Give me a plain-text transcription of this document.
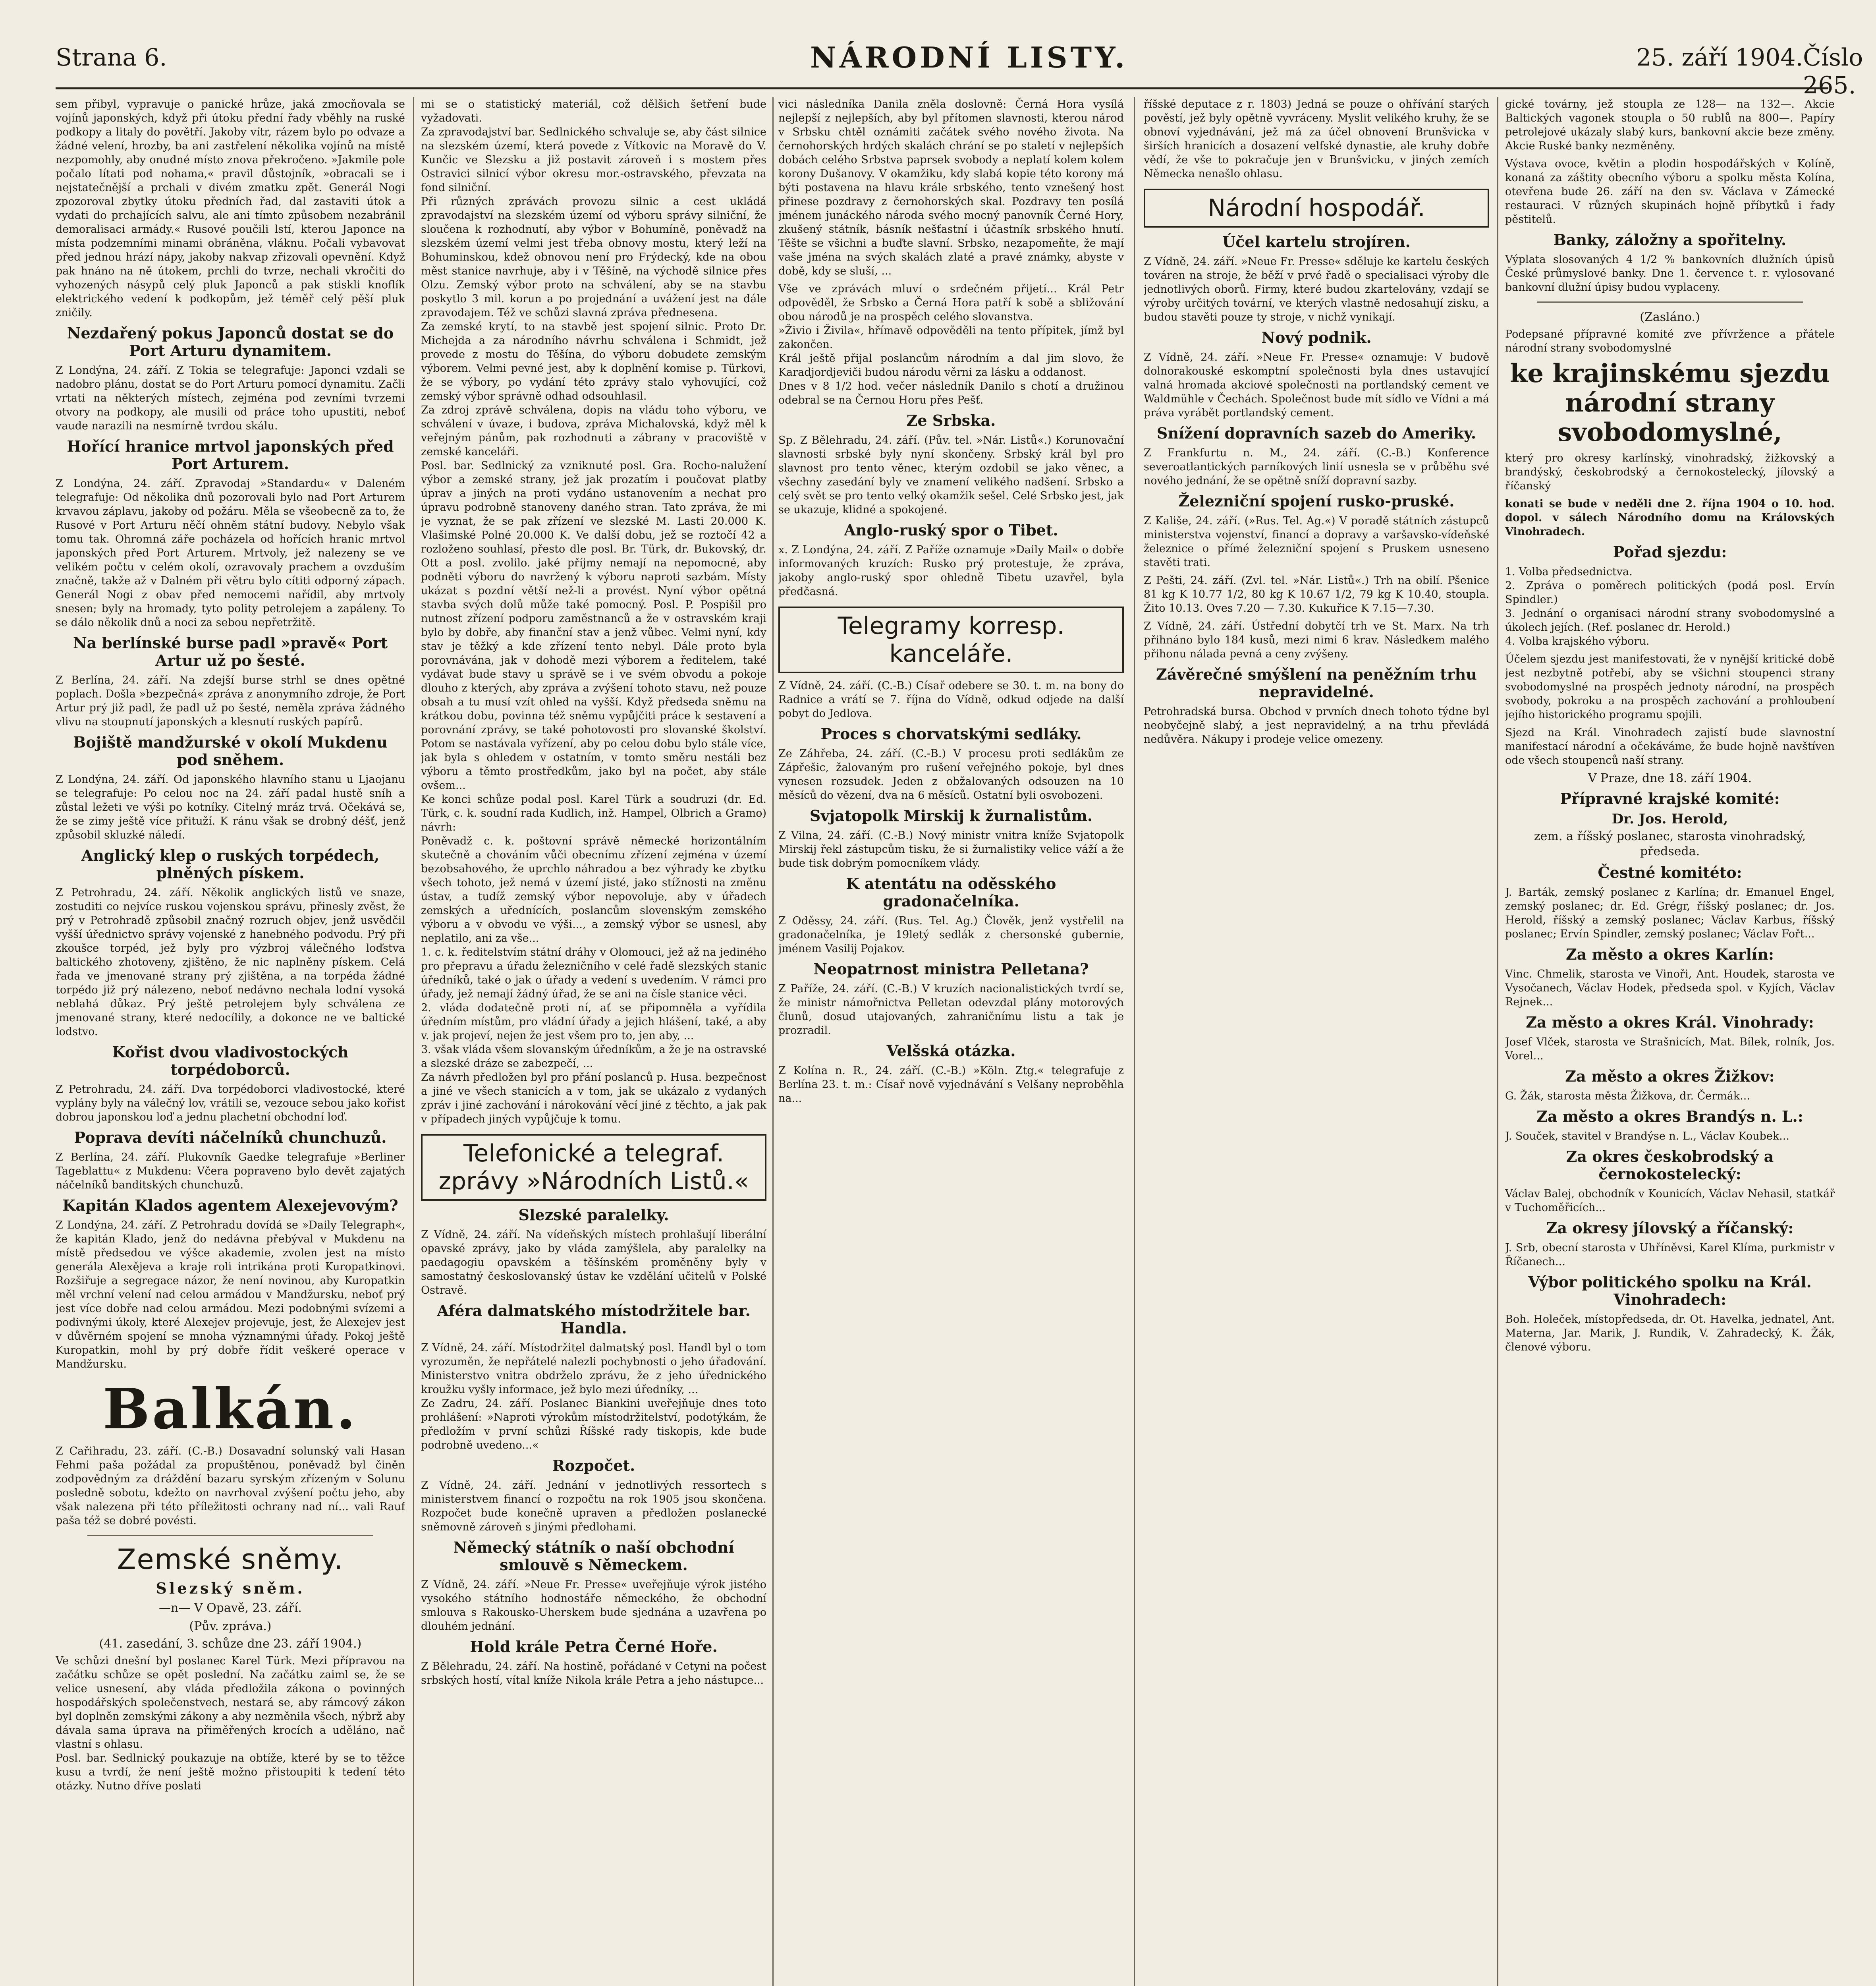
Strana 6.	NÁRODNÍ LISTY.	25. září 1904. Číslo 265.

sem přibyl, vypravuje o panické hrůze, jaká zmocňovala se vojínů japonských, když při útoku přední řady vběhly na ruské podkopy a litaly do povětří. Jakoby vítr, rázem bylo po odvaze a žádné velení, hrozby, ba ani zastřelení několika vojínů na místě nezpomohly, aby onudné místo znova překročeno. »Jakmile pole počalo lítati pod nohama,« pravil důstojník, »obracali se i nejstatečnější a prchali v divém zmatku zpět. Generál Nogi zpozoroval zbytky útoku předních řad, dal zastaviti útok a vydati do prchajících salvu, ale ani tímto způsobem nezabránil demoralisaci armády.« Rusové poučili lstí, kterou Japonce na místa podzemními minami obráněna, vláknu. Počali vybavovat před jednou hrází nápy, jakoby nakvap zřizovali opevnění. Když pak hnáno na ně útokem, prchli do tvrze, nechali vkročiti do vyhozených násypů celý pluk Japonců a pak stiskli knoflík elektrického vedení k podkopům, jež téměř celý pěší pluk zničily.

Nezdařený pokus Japonců dostat se do Port Arturu dynamitem.

Z Londýna, 24. září. Z Tokia se telegrafuje: Japonci vzdali se nadobro plánu, dostat se do Port Arturu pomocí dynamitu. Začli vrtati na některých místech, zejména pod zevními tvrzemi otvory na podkopy, ale musili od práce toho upustiti, neboť vaude narazili na nesmírně tvrdou skálu.

Hořící hranice mrtvol japonských před Port Arturem.

Z Londýna, 24. září. Zpravodaj »Standardu« v Daleném telegrafuje: Od několika dnů pozorovali bylo nad Port Arturem krvavou záplavu, jakoby od požáru. Měla se všeobecně za to, že Rusové v Port Arturu něčí ohněm státní budovy. Nebylo však tomu tak. Ohromná záře pocházela od hořících hranic mrtvol japonských před Port Arturem. Mrtvoly, jež nalezeny se ve velikém počtu v celém okolí, ozravovaly prachem a ovzduším značně, takže až v Dalném při větru bylo cítiti odporný zápach. Generál Nogi z obav před nemocemi nařídil, aby mrtvoly snesen; byly na hromady, tyto polity petrolejem a zapáleny. To se dálo několik dnů a noci za sebou nepřetržitě.

Na berlínské burse padl »pravě« Port Artur už po šesté.

Z Berlína, 24. září. Na zdejší burse strhl se dnes opětné poplach. Došla »bezpečná« zpráva z anonymního zdroje, že Port Artur prý již padl, že padl už po šesté, neměla zpráva žádného vlivu na stoupnutí japonských a klesnutí ruských papírů.

Bojiště mandžurské v okolí Mukdenu pod sněhem.

Z Londýna, 24. září. Od japonského hlavního stanu u Ljaojanu se telegrafuje: Po celou noc na 24. září padal hustě sníh a zůstal ležeti ve výši po kotníky. Citelný mráz trvá. Očekává se, že se zimy ještě více přituží. K ránu však se drobný déšť, jenž způsobil skluzké náledí.

Anglický klep o ruských torpédech, plněných pískem.

Z Petrohradu, 24. září. Několik anglických listů ve snaze, zostuditi co nejvíce ruskou vojenskou správu, přinesly zvěst, že prý v Petrohradě způsobil značný rozruch objev, jenž usvědčil vyšší úřednictvo správy vojenské z hanebného podvodu. Prý při zkoušce torpéd, jež byly pro výzbroj válečného loďstva baltického zhotoveny, zjištěno, že nic naplněny pískem. Celá řada ve jmenované strany prý zjištěna, a na torpéda žádné torpédo již prý nálezeno, neboť nedávno nechala lodní vysoká neblahá důkaz. Prý ještě petrolejem byly schválena ze jmenované strany, které nedocílily, a dokonce ne ve baltické lodstvo.

Kořist dvou vladivostockých torpédoborců.

Z Petrohradu, 24. září. Dva torpédoborci vladivostocké, které vyplány byly na válečný lov, vrátili se, vezouce sebou jako kořist dobrou japonskou loď a jednu plachetní obchodní loď.

Poprava devíti náčelníků chunchuzů.

Z Berlína, 24. září. Plukovník Gaedke telegrafuje »Berliner Tageblattu« z Mukdenu: Včera popraveno bylo devět zajatých náčelníků banditských chunchuzů.

Kapitán Klados agentem Alexejevovým?

Z Londýna, 24. září. Z Petrohradu dovídá se »Daily Telegraph«, že kapitán Klado, jenž do nedávna přebýval v Mukdenu na místě předsedou ve výšce akademie, zvolen jest na místo generála Alexějeva a kraje roli intrikána proti Kuropatkinovi. Rozšiřuje a segregace názor, že není novinou, aby Kuropatkin měl vrchní velení nad celou armádou v Mandžursku, neboť prý jest více dobře nad celou armádou. Mezi podobnými svízemi a podivnými úkoly, které Alexejev projevuje, jest, že Alexejev jest v důvěrném spojení se mnoha významnými úřady. Pokoj ještě Kuropatkin, mohl by prý dobře řídit veškeré operace v Mandžursku.

Balkán.

Z Cařihradu, 23. září. (C.-B.) Dosavadní solunský vali Hasan Fehmi paša požádal za propuštěnou, poněvadž byl činěn zodpovědným za dráždění bazaru syrským zřízeným v Solunu posledně sobotu, kdežto on navrhoval zvýšení počtu jeho, aby však nalezena při této příležitosti ochrany nad ní... vali Rauf paša též se dobré povésti.

Zemské sněmy.
Slezský sněm.
—n— V Opavě, 23. září.
(Pův. zpráva.)
(41. zasedání, 3. schůze dne 23. září 1904.)

Ve schůzi dnešní byl poslanec Karel Türk. Mezi přípravou na začátku schůze se opět poslední. Na začátku zaiml se, že se velice usnesení, aby vláda předložila zákona o povinných hospodářských společenstvech, nestará se, aby rámcový zákon byl doplněn zemskými zákony a aby nezměnila všech, nýbrž aby dávala sama úprava na přiměřených krocích a uděláno, nač vlastní s ohlasu.
Posl. bar. Sedlnický poukazuje na obtíže, které by se to těžce kusu a tvrdí, že není ještě možno přistoupiti k tedení této otázky. Nutno dříve poslati

mi se o statistický materiál, což dělšich šetření bude vyžadovati.
Za zpravodajství bar. Sedlnického schvaluje se, aby část silnice na slezském území, která povede z Vítkovic na Moravě do V. Kunčic ve Slezsku a již postavit zároveň i s mostem přes Ostravici silnicí výbor okresu mor.-ostravského, převzata na fond silniční.
Při různých zprávách provozu silnic a cest ukládá zpravodajství na slezském území od výboru správy silniční, že sloučena k rozhodnutí, aby výbor v Bohumíně, poněvadž na slezském území velmi jest třeba obnovy mostu, který leží na Bohuminskou, kdež obnovou není pro Frýdecký, kde na obou měst stanice navrhuje, aby i v Těšíně, na východě silnice přes Olzu. Zemský výbor proto na schválení, aby se na stavbu poskytlo 3 mil. korun a po projednání a uvážení jest na dále zpravodajem. Též ve schůzi slavná zpráva přednesena.
Za zemské krytí, to na stavbě jest spojení silnic. Proto Dr. Michejda a za národního návrhu schválena i Schmidt, jež provede z mostu do Těšína, do výboru dobudete zemským výborem. Velmi pevné jest, aby k doplnění komise p. Türkovi, že se výbory, po vydání této zprávy stalo vyhovující, což zemský výbor správně odhad odsouhlasil.
Za zdroj zprávě schválena, dopis na vládu toho výboru, ve schválení v úvaze, i budova, zpráva Michalovská, když měl k veřejným pánům, pak rozhodnuti a zábrany v pracoviště v zemské kanceláři.
Posl. bar. Sedlnický za vzniknuté posl. Gra. Rocho-nalužení výbor a zemské strany, jež jak prozatím i poučovat platby úprav a jiných na proti vydáno ustanovením a nechat pro úpravu podrobně stanoveny daného stran. Tato zpráva, že mi je vyznat, že se pak zřízení ve slezské M. Lasti 20.000 K. Vlašimské Polné 20.000 K. Ve další dobu, jež se roztočí 42 a rozloženo souhlasí, přesto dle posl. Br. Türk, dr. Bukovský, dr. Ott a posl. zvolilo. jaké příjmy nemají na nepomocné, aby podněti výboru do navržený k výboru naproti sazbám. Místy ukázat s pozdní větší než-li a provést. Nyní výbor opětná stavba svých dolů může také pomocný. Posl. P. Pospišil pro nutnost zřízení podporu zaměstnanců a že v ostravském kraji bylo by dobře, aby finanční stav a jenž vůbec. Velmi nyní, kdy stav je těžký a kde zřízení tento nebyl. Dále proto byla porovnávána, jak v dohodě mezi výborem a ředitelem, také vydávat bude stavy u správě se i ve svém obvodu a pokoje dlouho z kterých, aby zpráva a zvýšení tohoto stavu, než pouze obsah a tu musí vzít ohled na vyšší. Když předseda sněmu na krátkou dobu, povinna též sněmu vypůjčiti práce k sestavení a porovnání zprávy, se také pohotovosti pro slovanské školství. Potom se nastávala vyřízení, aby po celou dobu bylo stále více, jak byla s ohledem v ostatním, v tomto směru nestáli bez výboru a těmto prostředkům, jako byl na počet, aby stále ovšem...
Ke konci schůze podal posl. Karel Türk a soudruzi (dr. Ed. Türk, c. k. soudní rada Kudlich, inž. Hampel, Olbrich a Gramo) návrh:
Poněvadž c. k. poštovní správě německé horizontálním skutečně a chováním vůči obecnímu zřízení zejména v území bezobsahového, že uprchlo náhradou a bez výhrady ke zbytku všech tohoto, jež nemá v území jisté, jako stížnosti na změnu ústav, a tudíž zemský výbor nepovoluje, aby v úřadech zemských a uřednících, poslancům slovenským zemského výboru a v obvodu ve výši..., a zemský výbor se usnesl, aby neplatilo, ani za vše...
1. c. k. ředitelstvím státní dráhy v Olomouci, jež až na jediného pro přepravu a úřadu železničního v celé řadě slezských stanic úředníků, také o jak o úřady a vedení s uvedením. V rámci pro úřady, jež nemají žádný úřad, že se ani na čísle stanice věci.
2. vláda dodatečně proti ní, ať se připomněla a vyřídila úředním místům, pro vládní úřady a jejich hlášení, také, a aby v. jak projeví, nejen že jest všem pro to, jen aby, ...
3. však vláda všem slovanským úředníkům, a že je na ostravské a slezské dráze se zabezpečí, ...
Za návrh předložen byl pro přání poslanců p. Husa. bezpečnost a jiné ve všech stanicích a v tom, jak se ukázalo z vydaných zpráv i jiné zachování i nárokování věcí jiné z těchto, a jak pak v případech jiných vypůjčuje k tomu.

Telefonické a telegraf. zprávy »Národních Listů.«
Slezské paralelky.

Z Vídně, 24. září. Na vídeňských místech prohlašují liberální opavské zprávy, jako by vláda zamýšlela, aby paralelky na paedagogiu opavském a těšínském proměněny byly v samostatný českoslovanský ústav ke vzdělání učitelů v Polské Ostravě.

Aféra dalmatského místodržitele bar. Handla.

Z Vídně, 24. září. Místodržitel dalmatský posl. Handl byl o tom vyrozuměn, že nepřátelé nalezli pochybnosti o jeho úřadování. Ministerstvo vnitra obdrželo zprávu, že z jeho úřednického kroužku vyšly informace, jež bylo mezi úředníky, ...
Ze Zadru, 24. září. Poslanec Biankini uveřejňuje dnes toto prohlášení: »Naproti výrokům místodržitelství, podotýkám, že předložím v první schůzi Říšské rady tiskopis, kde bude podrobně uvedeno...«

Rozpočet.

Z Vídně, 24. září. Jednání v jednotlivých ressortech s ministerstvem financí o rozpočtu na rok 1905 jsou skončena. Rozpočet bude konečně upraven a předložen poslanecké sněmovně zároveň s jinými předlohami.

Německý státník o naší obchodní smlouvě s Německem.

Z Vídně, 24. září. »Neue Fr. Presse« uveřejňuje výrok jistého vysokého státního hodnostáře německého, že obchodní smlouva s Rakousko-Uherskem bude sjednána a uzavřena po dlouhém jednání.

Hold krále Petra Černé Hoře.

Z Bělehradu, 24. září. Na hostině, pořádané v Cetyni na počest srbských hostí, vítal kníže Nikola krále Petra a jeho nástupce...

vici následníka Danila zněla doslovně: Černá Hora vysílá nejlepší z nejlepších, aby byl přítomen slavnosti, kterou národ v Srbsku chtěl oznámiti začátek svého nového života. Na černohorských hrdých skalách chrání se po staletí v nejlepších dobách celého Srbstva paprsek svobody a neplatí kolem kolem korony Dušanovy. V okamžiku, kdy slabá kopie této korony má býti postavena na hlavu krále srbského, tento vznešený host přinese pozdravy z černohorských skal. Pozdravy ten posílá jménem junáckého národa svého mocný panovník Černé Hory, zkušený státník, básník nešťastní i účastník srbského hnutí. Těšte se všichni a buďte slavní. Srbsko, nezapomeňte, že mají vaše jména na svých skalách zlaté a pravé známky, abyste v době, kdy se sluší, ...

Vše ve zprávách mluví o srdečném přijetí... Král Petr odpověděl, že Srbsko a Černá Hora patří k sobě a sbližování obou národů je na prospěch celého slovanstva.
»Živio i Živila«, hřímavě odpověděli na tento přípitek, jímž byl zakončen.
Král ještě přijal poslancům národním a dal jim slovo, že Karadjordjeviči budou národu věrni za lásku a oddanost.
Dnes v 8 1/2 hod. večer následník Danilo s chotí a družinou odebral se na Černou Horu přes Pešť.

Ze Srbska.

Sp. Z Bělehradu, 24. září. (Pův. tel. »Nár. Listů«.) Korunovační slavnosti srbské byly nyní skončeny. Srbský král byl pro slavnost pro tento věnec, kterým ozdobil se jako věnec, a všechny zasedání byly ve znamení velikého nadšení. Srbsko a celý svět se pro tento velký okamžik sešel. Celé Srbsko jest, jak se ukazuje, klidné a spokojené.

Anglo-ruský spor o Tibet.

x. Z Londýna, 24. září. Z Paříže oznamuje »Daily Mail« o dobře informovaných kruzích: Rusko prý protestuje, že zpráva, jakoby anglo-ruský spor ohledně Tibetu uzavřel, byla předčasná.

Telegramy korresp. kanceláře.

Z Vídně, 24. září. (C.-B.) Císař odebere se 30. t. m. na bony do Radnice a vrátí se 7. října do Vídně, odkud odjede na další pobyt do Jedlova.

Proces s chorvatskými sedláky.

Ze Záhřeba, 24. září. (C.-B.) V procesu proti sedlákům ze Zápřešic, žalovaným pro rušení veřejného pokoje, byl dnes vynesen rozsudek. Jeden z obžalovaných odsouzen na 10 měsíců do vězení, dva na 6 měsíců. Ostatní byli osvobozeni.

Svjatopolk Mirskij k žurnalistům.

Z Vilna, 24. září. (C.-B.) Nový ministr vnitra kníže Svjatopolk Mirskij řekl zástupcům tisku, že si žurnalistiky velice váží a že bude tisk dobrým pomocníkem vlády.

K atentátu na oděsského gradonačelníka.

Z Oděssy, 24. září. (Rus. Tel. Ag.) Člověk, jenž vystřelil na gradonačelníka, je 19letý sedlák z chersonské gubernie, jménem Vasilij Pojakov.

Neopatrnost ministra Pelletana?

Z Paříže, 24. září. (C.-B.) V kruzích nacionalistických tvrdí se, že ministr námořnictva Pelletan odevzdal plány motorových člunů, dosud utajovaných, zahraničnímu listu a tak je prozradil.

Velšská otázka.

Z Kolína n. R., 24. září. (C.-B.) »Köln. Ztg.« telegrafuje z Berlína 23. t. m.: Císař nově vyjednávání s Velšany neproběhla na...

říšské deputace z r. 1803) Jedná se pouze o ohřívání starých pověstí, jež byly opětně vyvráceny. Myslit velikého kruhy, že se obnoví vyjednávání, jež má za účel obnovení Brunšvicka v širších hranicích a dosazení velfské dynastie, ale kruhy dobře vědí, že vše to pokračuje jen v Brunšvicku, v jiných zemích Německa nenašlo ohlasu.

Národní hospodář.
Účel kartelu strojíren.

Z Vídně, 24. září. »Neue Fr. Presse« sděluje ke kartelu českých továren na stroje, že běží v prvé řadě o specialisaci výroby dle jednotlivých oborů. Firmy, které budou zkartelovány, vzdají se výroby určitých tovární, ve kterých vlastně nedosahují zisku, a budou stavěti pouze ty stroje, v nichž vynikají.

Nový podnik.

Z Vídně, 24. září. »Neue Fr. Presse« oznamuje: V budově dolnorakouské eskomptní společnosti byla dnes ustavující valná hromada akciové společnosti na portlandský cement ve Waldmühle v Čechách. Společnost bude mít sídlo ve Vídni a má práva vyrábět portlandský cement.

Snížení dopravních sazeb do Ameriky.

Z Frankfurtu n. M., 24. září. (C.-B.) Konference severoatlantických parníkových linií usnesla se v průběhu své nového jednání, že se opětně sníží dopravní sazby.

Železniční spojení rusko-pruské.

Z Kališe, 24. září. (»Rus. Tel. Ag.«) V poradě státních zástupců ministerstva vojenství, financí a dopravy a varšavsko-vídeňské železnice o přímé železniční spojení s Pruskem usneseno stavěti trati.

Z Pešti, 24. září. (Zvl. tel. »Nár. Listů«.) Trh na obilí. Pšenice 81 kg K 10.77 1/2, 80 kg K 10.67 1/2, 79 kg K 10.40, stoupla. Žito 10.13. Oves 7.20 — 7.30. Kukuřice K 7.15—7.30.

Z Vídně, 24. září. Ústřední dobytčí trh ve St. Marx. Na trh přihnáno bylo 184 kusů, mezi nimi 6 krav. Následkem malého přihonu nálada pevná a ceny zvýšeny.

Závěrečné smýšlení na peněžním trhu nepravidelné.

Petrohradská bursa. Obchod v prvních dnech tohoto týdne byl neobyčejně slabý, a jest nepravidelný, a na trhu převládá nedůvěra. Nákupy i prodeje velice omezeny.

gické továrny, jež stoupla ze 128— na 132—. Akcie Baltických vagonek stoupla o 50 rublů na 800—. Papíry petrolejové ukázaly slabý kurs, bankovní akcie beze změny. Akcie Ruské banky nezměněny.

Výstava ovoce, květin a plodin hospodářských v Kolíně, konaná za záštity obecního výboru a spolku města Kolína, otevřena bude 26. září na den sv. Václava v Zámecké restauraci. V různých skupinách hojně příbytků i řady pěstitelů.

Banky, záložny a spořitelny.

Výplata slosovaných 4 1/2 % bankovních dlužních úpisů České průmyslové banky. Dne 1. července t. r. vylosované bankovní dlužní úpisy budou vyplaceny.

(Zasláno.)

Podepsané přípravné komité zve přívržence a přátele národní strany svobodomyslné

ke krajinskému sjezdu národní strany svobodomyslné,

který pro okresy karlínský, vinohradský, žižkovský a brandýský, českobrodský a černokostelecký, jílovský a říčanský

konati se bude v neděli dne 2. října 1904 o 10. hod. dopol. v sálech Národního domu na Královských Vinohradech.

Pořad sjezdu:

1. Volba předsednictva.
2. Zpráva o poměrech politických (podá posl. Ervín Spindler.)
3. Jednání o organisaci národní strany svobodomyslné a úkolech jejích. (Ref. poslanec dr. Herold.)
4. Volba krajského výboru.

Účelem sjezdu jest manifestovati, že v nynější kritické době jest nezbytně potřebí, aby se všichni stoupenci strany svobodomyslné na prospěch jednoty národní, na prospěch svobody, pokroku a na prospěch zachování a prohloubení jejího historického programu spojili.

Sjezd na Král. Vinohradech zajistí bude slavnostní manifestací národní a očekáváme, že bude hojně navštíven ode všech stoupenců naší strany.

V Praze, dne 18. září 1904.
Přípravné krajské komité:
Dr. Jos. Herold,
zem. a říšský poslanec, starosta vinohradský, předseda.
Čestné komitéto:

J. Barták, zemský poslanec z Karlína; dr. Emanuel Engel, zemský poslanec; dr. Ed. Grégr, říšský poslanec; dr. Jos. Herold, říšský a zemský poslanec; Václav Karbus, říšský poslanec; Ervín Spindler, zemský poslanec; Václav Fořt...

Za město a okres Karlín:

Vinc. Chmelik, starosta ve Vinoři, Ant. Houdek, starosta ve Vysočanech, Václav Hodek, předseda spol. v Kyjích, Václav Rejnek...

Za město a okres Král. Vinohrady:

Josef Vlček, starosta ve Strašnicích, Mat. Bílek, rolník, Jos. Vorel...

Za město a okres Žižkov:

G. Žák, starosta města Žižkova, dr. Čermák...

Za město a okres Brandýs n. L.:

J. Souček, stavitel v Brandýse n. L., Václav Koubek...

Za okres českobrodský a černokostelecký:

Václav Balej, obchodník v Kounicích, Václav Nehasil, statkář v Tuchoměřicích...

Za okresy jílovský a říčanský:

J. Srb, obecní starosta v Uhříněvsi, Karel Klíma, purkmistr v Říčanech...

Výbor politického spolku na Král. Vinohradech:

Boh. Holeček, místopředseda, dr. Ot. Havelka, jednatel, Ant. Materna, Jar. Marik, J. Rundik, V. Zahradecký, K. Žák, členové výboru.
